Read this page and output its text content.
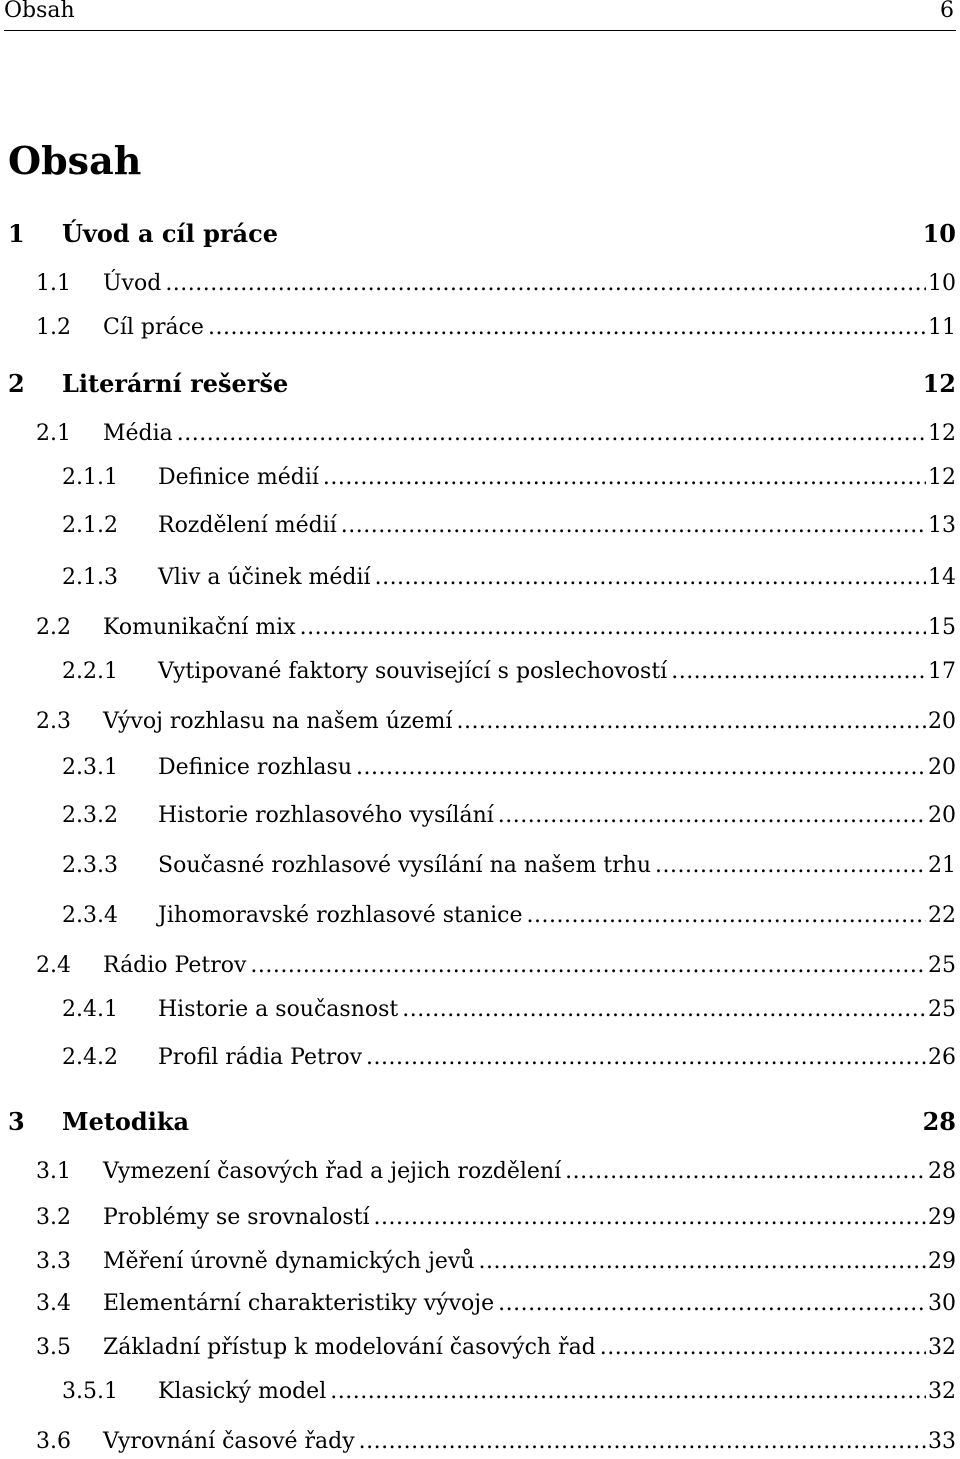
Obsah	6
Obsah
1 Úvod a cíl práce	10
1.1 Úvod .....	10
1.2 Cíl práce .....	11
2 Literární rešerše	12
2.1 Média .....	12
2.1.1 Definice médií .....	12
2.1.2 Rozdělení médií .....	13
2.1.3 Vliv a účinek médií .....	14
2.2 Komunikační mix .....	15
2.2.1 Vytipované faktory související s poslechovostí .....	17
2.3 Vývoj rozhlasu na našem území .....	20
2.3.1 Definice rozhlasu .....	20
2.3.2 Historie rozhlasového vysílání .....	20
2.3.3 Současné rozhlasové vysílání na našem trhu .....	21
2.3.4 Jihomoravské rozhlasové stanice .....	22
2.4 Rádio Petrov .....	25
2.4.1 Historie a současnost .....	25
2.4.2 Profil rádia Petrov .....	26
3 Metodika	28
3.1 Vymezení časových řad a jejich rozdělení .....	28
3.2 Problémy se srovnalostí .....	29
3.3 Měření úrovně dynamických jevů .....	29
3.4 Elementární charakteristiky vývoje .....	30
3.5 Základní přístup k modelování časových řad .....	32
3.5.1 Klasický model .....	32
3.6 Vyrovnání časové řady .....	33
